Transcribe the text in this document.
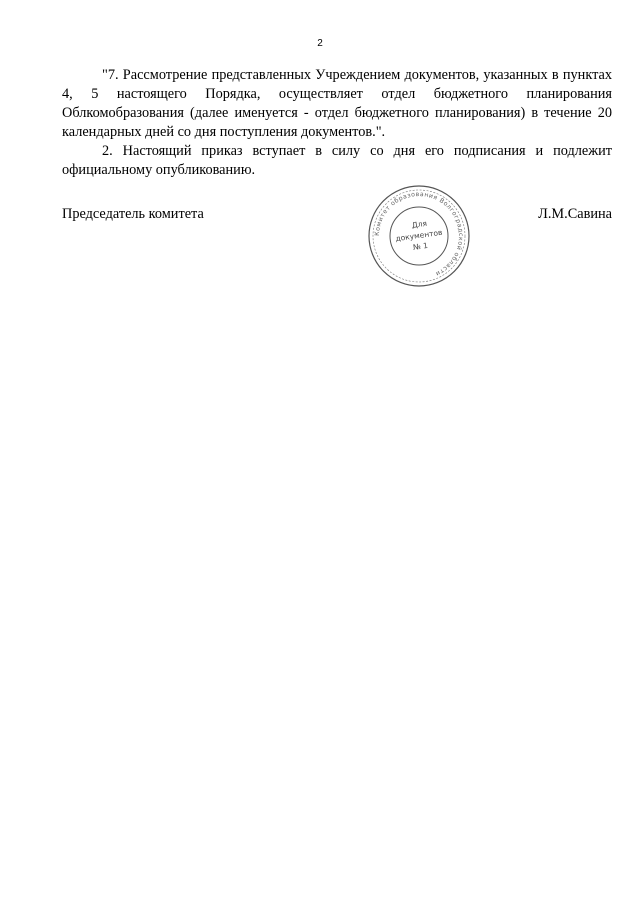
2

"7. Рассмотрение представленных Учреждением документов, указанных в пунктах 4, 5 настоящего Порядка, осуществляет отдел бюджетного планирования Облкомобразования (далее именуется - отдел бюджетного планирования) в течение 20 календарных дней со дня поступления документов.".

2. Настоящий приказ вступает в силу со дня его подписания и подлежит официальному опубликованию.

Председатель комитета	Л.М.Савина
Комитет образования Волгоградской области
Для
документов
№ 1
